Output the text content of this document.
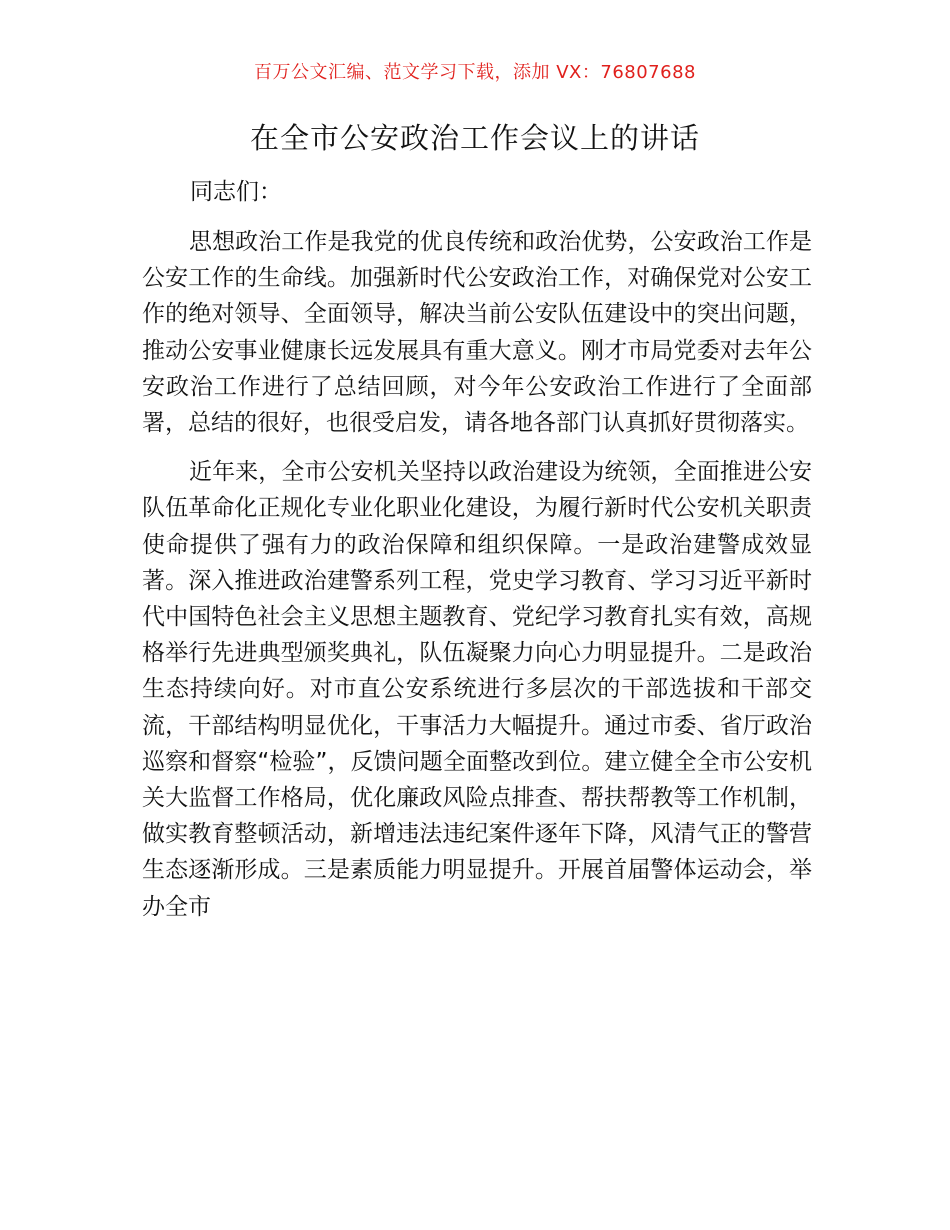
百万公文汇编、范文学习下载，添加 VX：76807688
在全市公安政治工作会议上的讲话
同志们：

思想政治工作是我党的优良传统和政治优势，公安政治工作是公安工作的生命线。加强新时代公安政治工作，对确保党对公安工作的绝对领导、全面领导，解决当前公安队伍建设中的突出问题，推动公安事业健康长远发展具有重大意义。刚才市局党委对去年公安政治工作进行了总结回顾，对今年公安政治工作进行了全面部署，总结的很好，也很受启发，请各地各部门认真抓好贯彻落实。

近年来，全市公安机关坚持以政治建设为统领，全面推进公安队伍革命化正规化专业化职业化建设，为履行新时代公安机关职责使命提供了强有力的政治保障和组织保障。一是政治建警成效显著。深入推进政治建警系列工程，党史学习教育、学习习近平新时代中国特色社会主义思想主题教育、党纪学习教育扎实有效，高规格举行先进典型颁奖典礼，队伍凝聚力向心力明显提升。二是政治生态持续向好。对市直公安系统进行多层次的干部选拔和干部交流，干部结构明显优化，干事活力大幅提升。通过市委、省厅政治巡察和督察“检验”，反馈问题全面整改到位。建立健全全市公安机关大监督工作格局，优化廉政风险点排查、帮扶帮教等工作机制，做实教育整顿活动，新增违法违纪案件逐年下降，风清气正的警营生态逐渐形成。三是素质能力明显提升。开展首届警体运动会，举办全市
